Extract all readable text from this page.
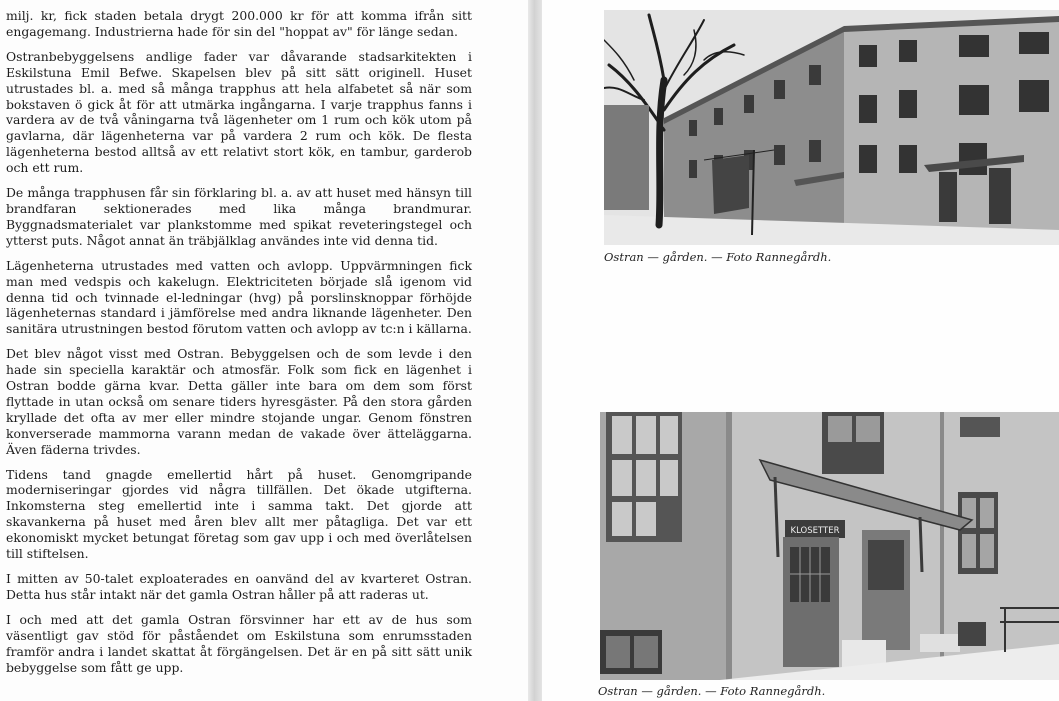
milj. kr, fick staden betala drygt 200.000 kr för att komma ifrån sitt engagemang. Industrierna hade för sin del "hoppat av" för länge sedan.

Ostranbebyggelsens andlige fader var dåvarande stadsarkitekten i Eskilstuna Emil Befwe. Skapelsen blev på sitt sätt originell. Huset utrustades bl. a. med så många trapphus att hela alfabetet så när som bokstaven ö gick åt för att utmärka ingångarna. I varje trapphus fanns i vardera av de två våningarna två lägenheter om 1 rum och kök utom på gavlarna, där lägenheterna var på vardera 2 rum och kök. De flesta lägenheterna bestod alltså av ett relativt stort kök, en tambur, garderob och ett rum.

De många trapphusen får sin förklaring bl. a. av att huset med hänsyn till brandfaran sektionerades med lika många brandmurar. Byggnadsmaterialet var plankstomme med spikat reveteringstegel och ytterst puts. Något annat än träbjälklag användes inte vid denna tid.

Lägenheterna utrustades med vatten och avlopp. Uppvärmningen fick man med vedspis och kakelugn. Elektriciteten började slå igenom vid denna tid och tvinnade el-ledningar (hvg) på porslinsknoppar förhöjde lägenheternas standard i jämförelse med andra liknande lägenheter. Den sanitära utrustningen bestod förutom vatten och avlopp av tc:n i källarna.

Det blev något visst med Ostran. Bebyggelsen och de som levde i den hade sin speciella karaktär och atmosfär. Folk som fick en lägenhet i Ostran bodde gärna kvar. Detta gäller inte bara om dem som först flyttade in utan också om senare tiders hyresgäster. På den stora gården kryllade det ofta av mer eller mindre stojande ungar. Genom fönstren konverserade mammorna varann medan de vakade över ätteläggarna. Även fäderna trivdes.

Tidens tand gnagde emellertid hårt på huset. Genomgripande moderniseringar gjordes vid några tillfällen. Det ökade utgifterna. Inkomsterna steg emellertid inte i samma takt. Det gjorde att skavankerna på huset med åren blev allt mer påtagliga. Det var ett ekonomiskt mycket betungat företag som gav upp i och med överlåtelsen till stiftelsen.

I mitten av 50-talet exploaterades en oanvänd del av kvarteret Ostran. Detta hus står intakt när det gamla Ostran håller på att raderas ut.

I och med att det gamla Ostran försvinner har ett av de hus som väsentligt gav stöd för påståendet om Eskilstuna som enrumsstaden framför andra i landet skattat åt förgängelsen. Det är en på sitt sätt unik bebyggelse som fått ge upp.

Ostran — gården. — Foto Rannegårdh.
KLOSETTER
Ostran — gården. — Foto Rannegårdh.
